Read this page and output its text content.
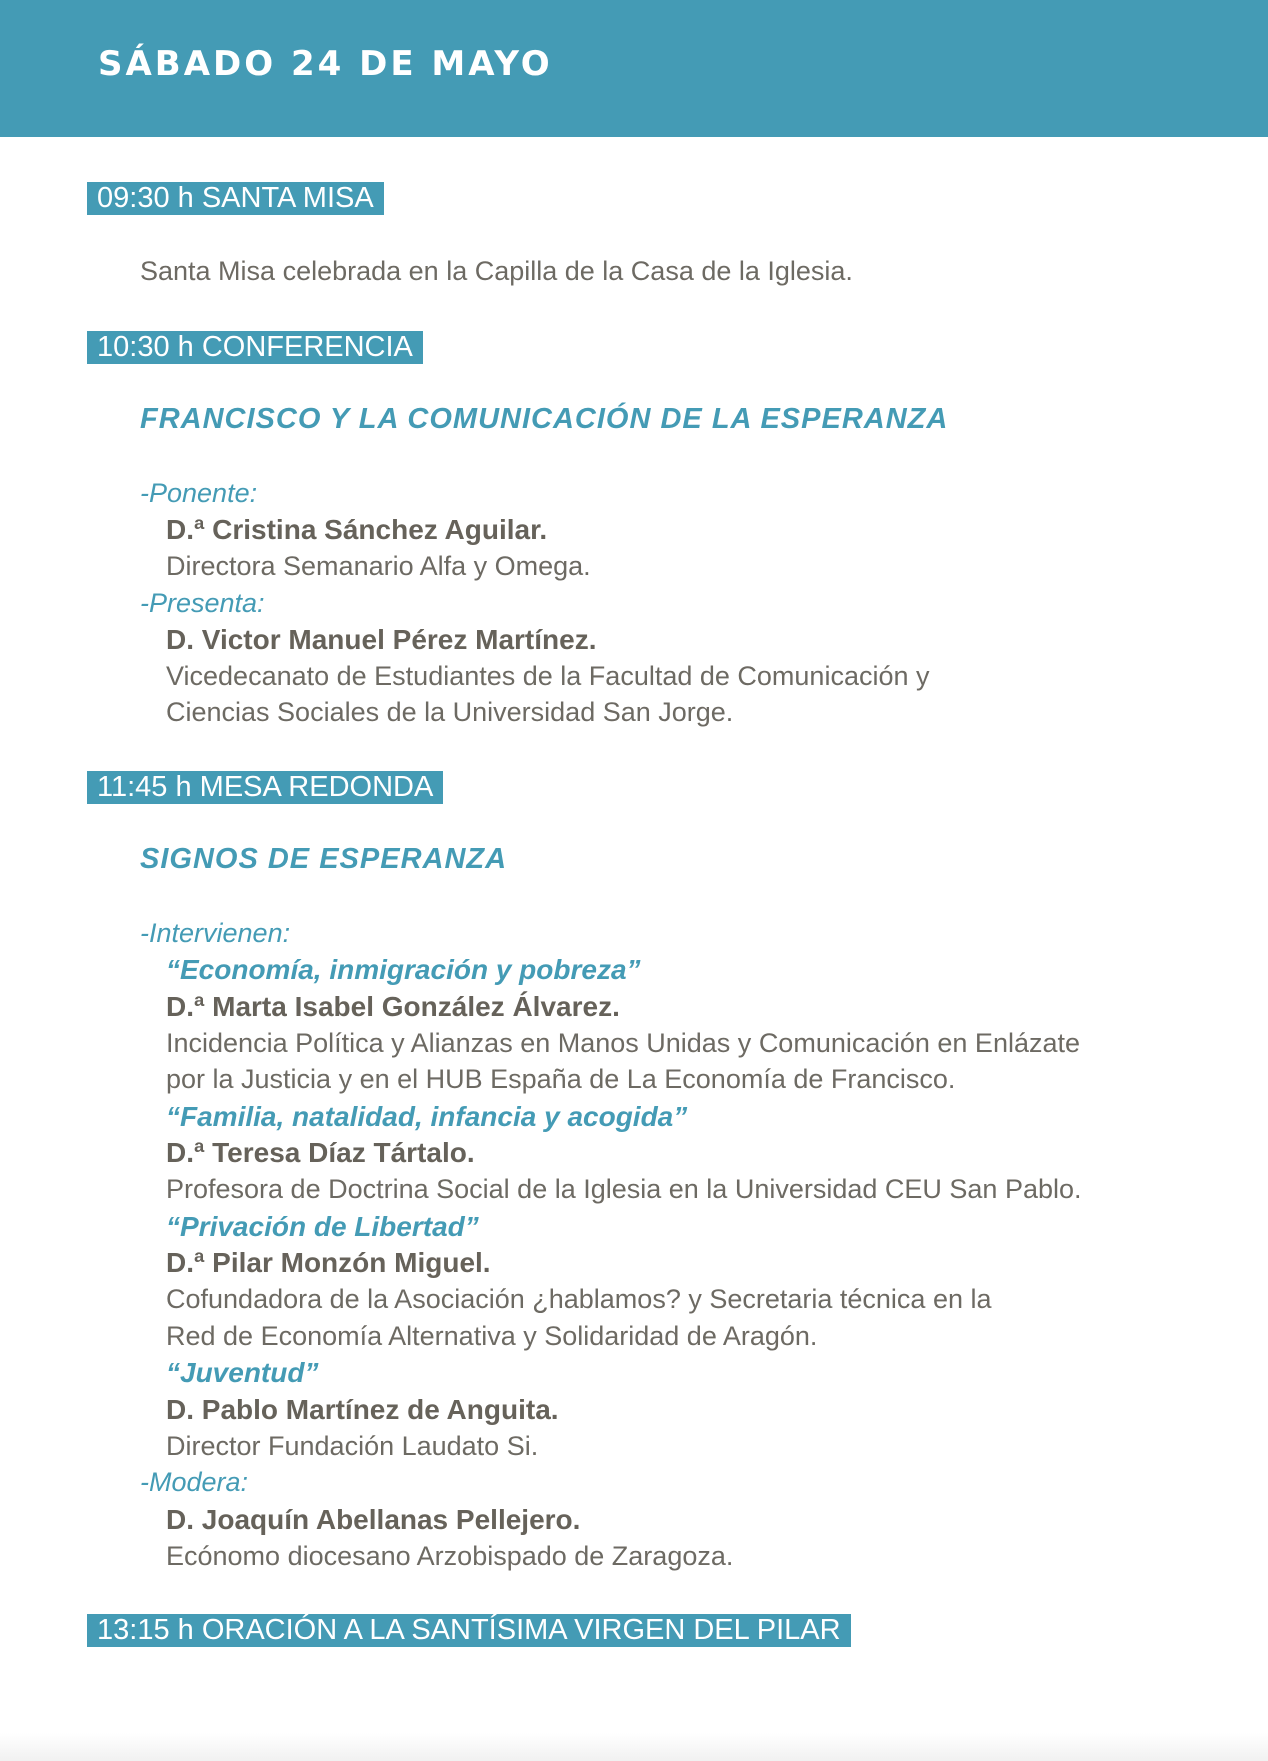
SÁBADO 24 DE MAYO
09:30 h SANTA MISA
Santa Misa celebrada en la Capilla de la Casa de la Iglesia.
10:30 h CONFERENCIA
FRANCISCO Y LA COMUNICACIÓN DE LA ESPERANZA
-Ponente:
D.ª Cristina Sánchez Aguilar.
Directora Semanario Alfa y Omega.
-Presenta:
D. Victor Manuel Pérez Martínez.
Vicedecanato de Estudiantes de la Facultad de Comunicación y
Ciencias Sociales de la Universidad San Jorge.
11:45 h MESA REDONDA
SIGNOS DE ESPERANZA
-Intervienen:
“Economía, inmigración y pobreza”
D.ª Marta Isabel González Álvarez.
Incidencia Política y Alianzas en Manos Unidas y Comunicación en Enlázate
por la Justicia y en el HUB España de La Economía de Francisco.
“Familia, natalidad, infancia y acogida”
D.ª Teresa Díaz Tártalo.
Profesora de Doctrina Social de la Iglesia en la Universidad CEU San Pablo.
“Privación de Libertad”
D.ª Pilar Monzón Miguel.
Cofundadora de la Asociación ¿hablamos? y Secretaria técnica en la
Red de Economía Alternativa y Solidaridad de Aragón.
“Juventud”
D. Pablo Martínez de Anguita.
Director Fundación Laudato Si.
-Modera:
D. Joaquín Abellanas Pellejero.
Ecónomo diocesano Arzobispado de Zaragoza.
13:15 h ORACIÓN A LA SANTÍSIMA VIRGEN DEL PILAR
